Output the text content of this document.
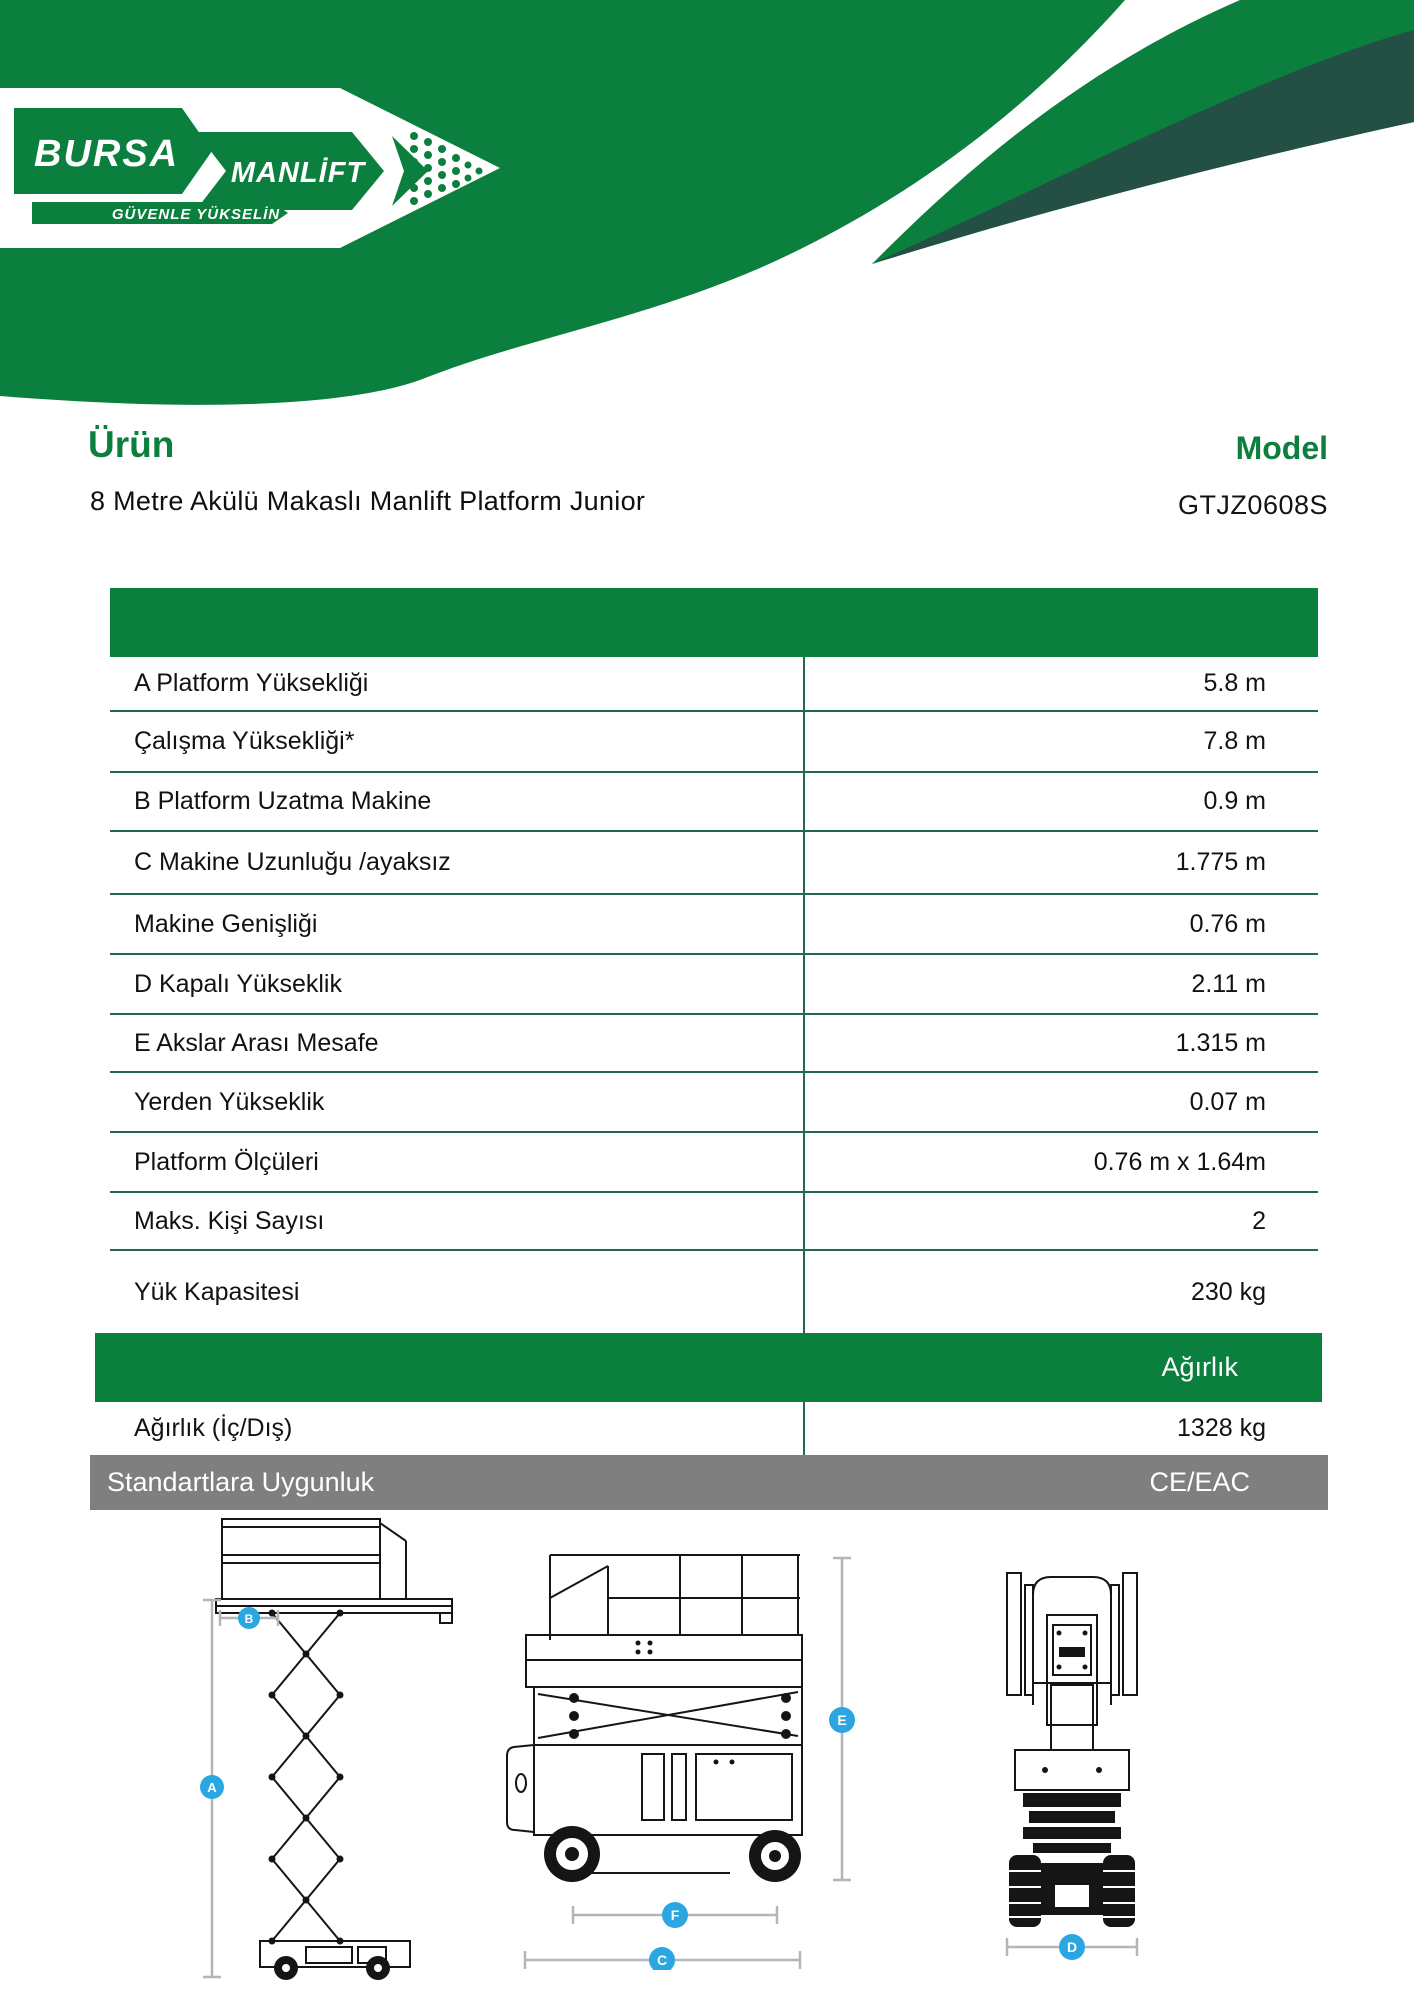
BURSA MANLİFT
GÜVENLE YÜKSELİN
Ürün
8 Metre Akülü Makaslı Manlift Platform Junior
Model
GTJZ0608S
A Platform Yüksekliği	5.8 m
Çalışma Yüksekliği*	7.8 m
B Platform Uzatma Makine	0.9 m
C Makine Uzunluğu /ayaksız	1.775 m
Makine Genişliği	0.76 m
D Kapalı Yükseklik	2.11 m
E Akslar Arası Mesafe	1.315 m
Yerden Yükseklik	0.07 m
Platform Ölçüleri	0.76 m x 1.64m
Maks. Kişi Sayısı	2
Yük Kapasitesi	230 kg
Ağırlık
Ağırlık (İç/Dış)	1328 kg
Standartlara Uygunluk	CE/EAC
A
B
E
F
C
D
